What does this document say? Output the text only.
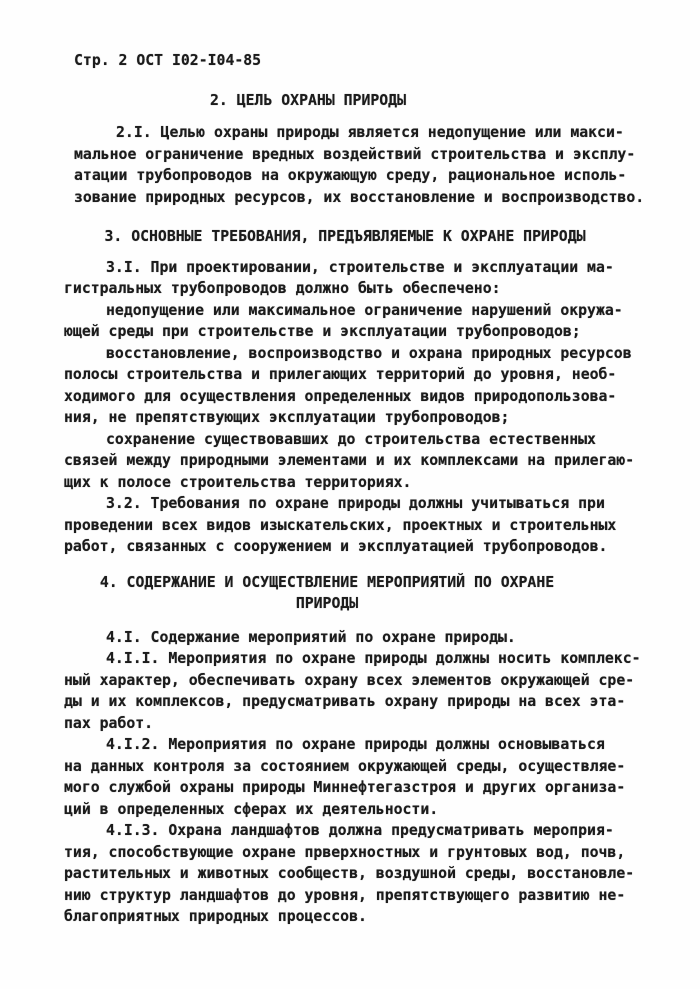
Стр. 2 ОСТ I02-I04-85
2. ЦЕЛЬ ОХРАНЫ ПРИРОДЫ
2.I. Целью охраны природы является недопущение или макси-
мальное ограничение вредных воздействий строительства и эксплу-
атации трубопроводов на окружающую среду, рациональное исполь-
зование природных ресурсов, их восстановление и воспроизводство.
3. ОСНОВНЫЕ ТРЕБОВАНИЯ, ПРЕДЪЯВЛЯЕМЫЕ К ОХРАНЕ ПРИРОДЫ
3.I. При проектировании, строительстве и эксплуатации ма-
гистральных трубопроводов должно быть обеспечено:
недопущение или максимальное ограничение нарушений окружа-
ющей среды при строительстве и эксплуатации трубопроводов;
восстановление, воспроизводство и охрана природных ресурсов
полосы строительства и прилегающих территорий до уровня, необ-
ходимого для осуществления определенных видов природопользова-
ния, не препятствующих эксплуатации трубопроводов;
сохранение существовавших до строительства естественных
связей между природными элементами и их комплексами на прилегаю-
щих к полосе строительства территориях.
3.2. Требования по охране природы должны учитываться при
проведении всех видов изыскательских, проектных и строительных
работ, связанных с сооружением и эксплуатацией трубопроводов.
4. СОДЕРЖАНИЕ И ОСУЩЕСТВЛЕНИЕ МЕРОПРИЯТИЙ ПО ОХРАНЕ
ПРИРОДЫ
4.I. Содержание мероприятий по охране природы.
4.I.I. Мероприятия по охране природы должны носить комплекс-
ный характер, обеспечивать охрану всех элементов окружающей сре-
ды и их комплексов, предусматривать охрану природы на всех эта-
пах работ.
4.I.2. Мероприятия по охране природы должны основываться
на данных контроля за состоянием окружающей среды, осуществляе-
мого службой охраны природы Миннефтегазстроя и других организа-
ций в определенных сферах их деятельности.
4.I.3. Охрана ландшафтов должна предусматривать мероприя-
тия, способствующие охране прверхностных и грунтовых вод, почв,
растительных и животных сообществ, воздушной среды, восстановле-
нию структур ландшафтов до уровня, препятствующего развитию не-
благоприятных природных процессов.
